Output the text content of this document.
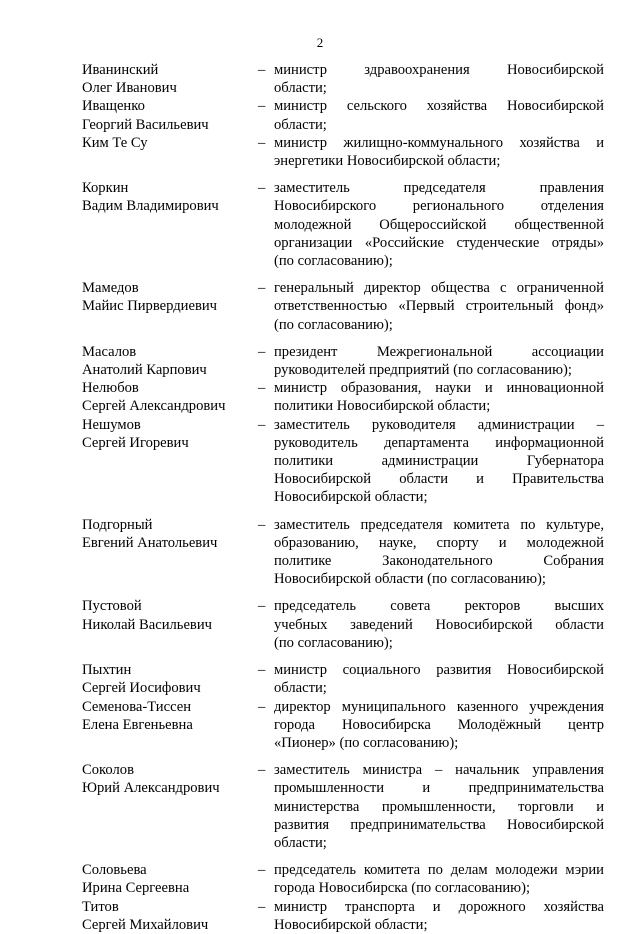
2
Иванинский
Олег Иванович
– министр здравоохранения Новосибирской
области;
Иващенко
Георгий Васильевич
– министр сельского хозяйства Новосибирской
области;
Ким Те Су	– министр жилищно-коммунального хозяйства и
энергетики Новосибирской области;
Коркин
Вадим Владимирович
– заместитель председателя правления
Новосибирского регионального отделения
молодежной Общероссийской общественной
организации «Российские студенческие отряды»
(по согласованию);
Мамедов
Майис Пирвердиевич
– генеральный директор общества с ограниченной
ответственностью «Первый строительный фонд»
(по согласованию);
Масалов
Анатолий Карпович
– президент Межрегиональной ассоциации
руководителей предприятий (по согласованию);
Нелюбов
Сергей Александрович
– министр образования, науки и инновационной
политики Новосибирской области;
Нешумов
Сергей Игоревич
– заместитель руководителя администрации –
руководитель департамента информационной
политики администрации Губернатора
Новосибирской области и Правительства
Новосибирской области;
Подгорный
Евгений Анатольевич
– заместитель председателя комитета по культуре,
образованию, науке, спорту и молодежной
политике Законодательного Собрания
Новосибирской области (по согласованию);
Пустовой
Николай Васильевич
– председатель совета ректоров высших
учебных заведений Новосибирской области
(по согласованию);
Пыхтин
Сергей Иосифович
– министр социального развития Новосибирской
области;
Семенова-Тиссен
Елена Евгеньевна
– директор муниципального казенного учреждения
города Новосибирска Молодёжный центр
«Пионер» (по согласованию);
Соколов
Юрий Александрович
– заместитель министра – начальник управления
промышленности и предпринимательства
министерства промышленности, торговли и
развития предпринимательства Новосибирской
области;
Соловьева
Ирина Сергеевна
– председатель комитета по делам молодежи мэрии
города Новосибирска (по согласованию);
Титов
Сергей Михайлович
– министр транспорта и дорожного хозяйства
Новосибирской области;
